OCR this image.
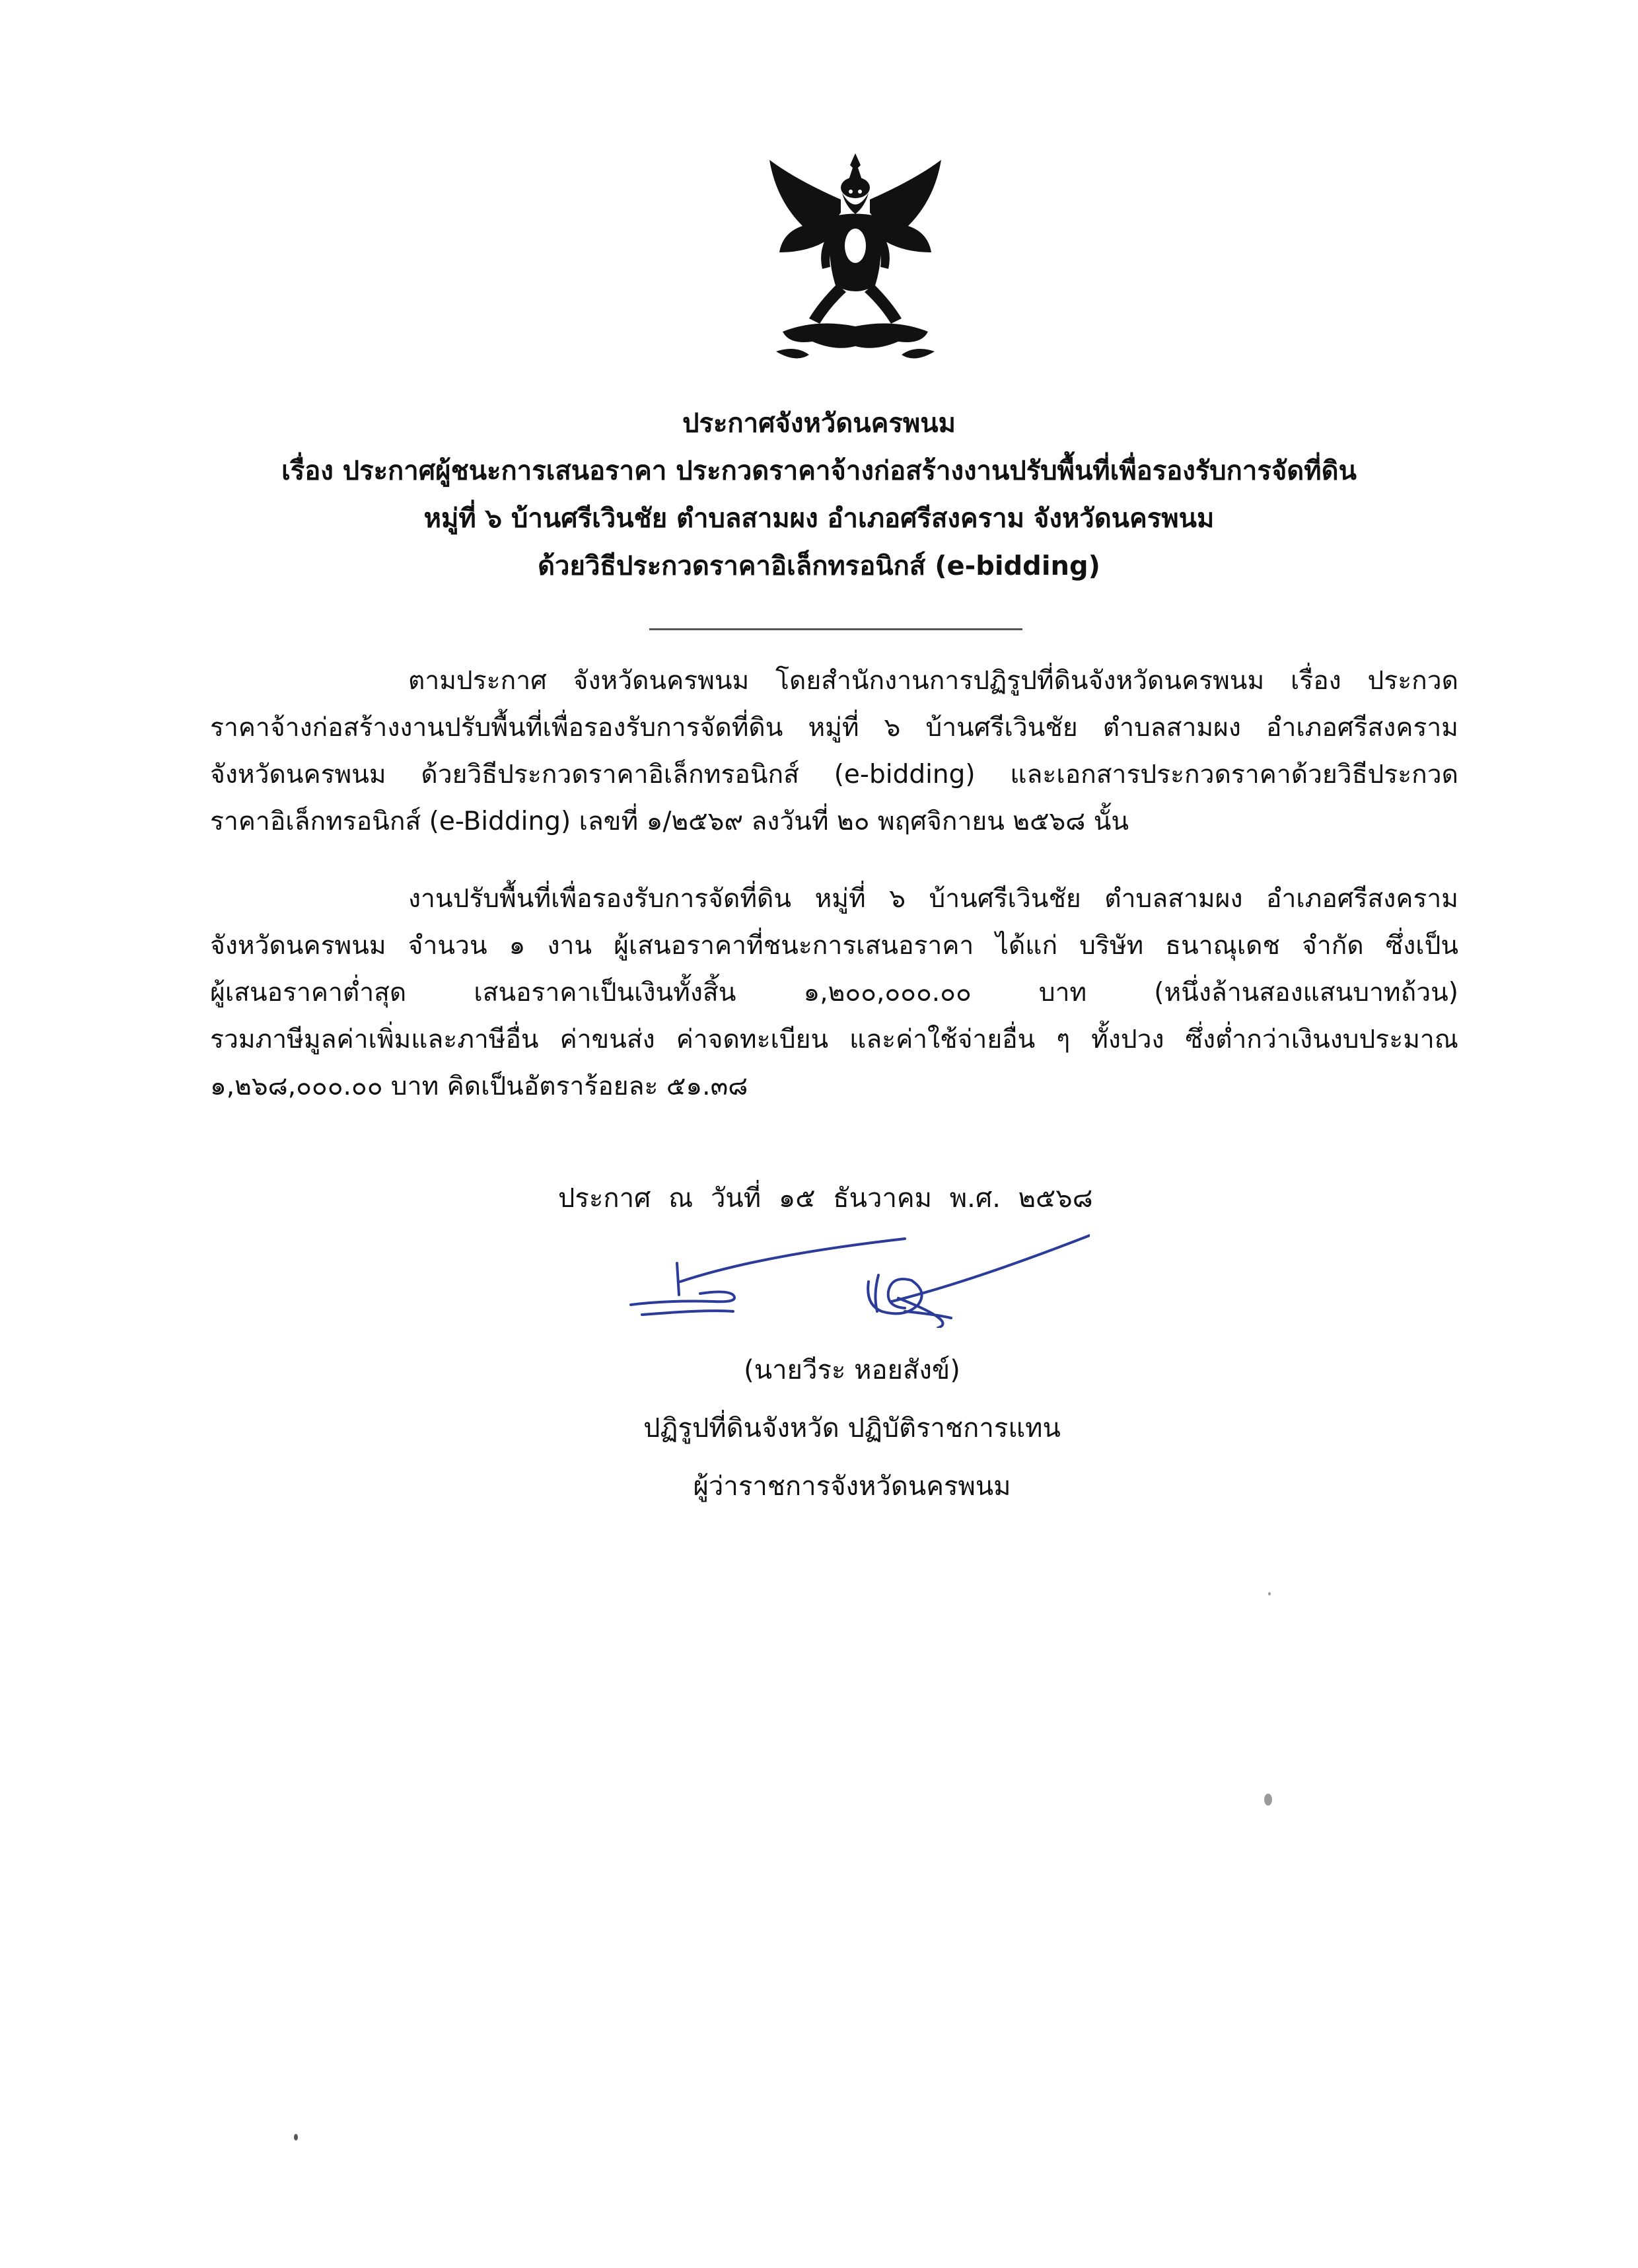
ประกาศจังหวัดนครพนม
เรื่อง ประกาศผู้ชนะการเสนอราคา ประกวดราคาจ้างก่อสร้างงานปรับพื้นที่เพื่อรองรับการจัดที่ดิน
หมู่ที่ ๖ บ้านศรีเวินชัย ตำบลสามผง อำเภอศรีสงคราม จังหวัดนครพนม
ด้วยวิธีประกวดราคาอิเล็กทรอนิกส์ (e-bidding)
ตามประกาศ จังหวัดนครพนม โดยสำนักงานการปฏิรูปที่ดินจังหวัดนครพนม เรื่อง ประกวด
ราคาจ้างก่อสร้างงานปรับพื้นที่เพื่อรองรับการจัดที่ดิน หมู่ที่ ๖ บ้านศรีเวินชัย ตำบลสามผง อำเภอศรีสงคราม
จังหวัดนครพนม ด้วยวิธีประกวดราคาอิเล็กทรอนิกส์ (e-bidding) และเอกสารประกวดราคาด้วยวิธีประกวด
ราคาอิเล็กทรอนิกส์ (e-Bidding) เลขที่ ๑/๒๕๖๙ ลงวันที่ ๒๐ พฤศจิกายน ๒๕๖๘ นั้น
งานปรับพื้นที่เพื่อรองรับการจัดที่ดิน หมู่ที่ ๖ บ้านศรีเวินชัย ตำบลสามผง อำเภอศรีสงคราม
จังหวัดนครพนม จำนวน ๑ งาน ผู้เสนอราคาที่ชนะการเสนอราคา ได้แก่ บริษัท ธนาณุเดช จำกัด ซึ่งเป็น
ผู้เสนอราคาต่ำสุด เสนอราคาเป็นเงินทั้งสิ้น ๑,๒๐๐,๐๐๐.๐๐ บาท (หนึ่งล้านสองแสนบาทถ้วน)
รวมภาษีมูลค่าเพิ่มและภาษีอื่น ค่าขนส่ง ค่าจดทะเบียน และค่าใช้จ่ายอื่น ๆ ทั้งปวง ซึ่งต่ำกว่าเงินงบประมาณ
๑,๒๖๘,๐๐๐.๐๐ บาท คิดเป็นอัตราร้อยละ ๕๑.๓๘
ประกาศ ณ วันที่ ๑๕ ธันวาคม พ.ศ. ๒๕๖๘
(นายวีระ หอยสังข์)
ปฏิรูปที่ดินจังหวัด ปฏิบัติราชการแทน
ผู้ว่าราชการจังหวัดนครพนม
